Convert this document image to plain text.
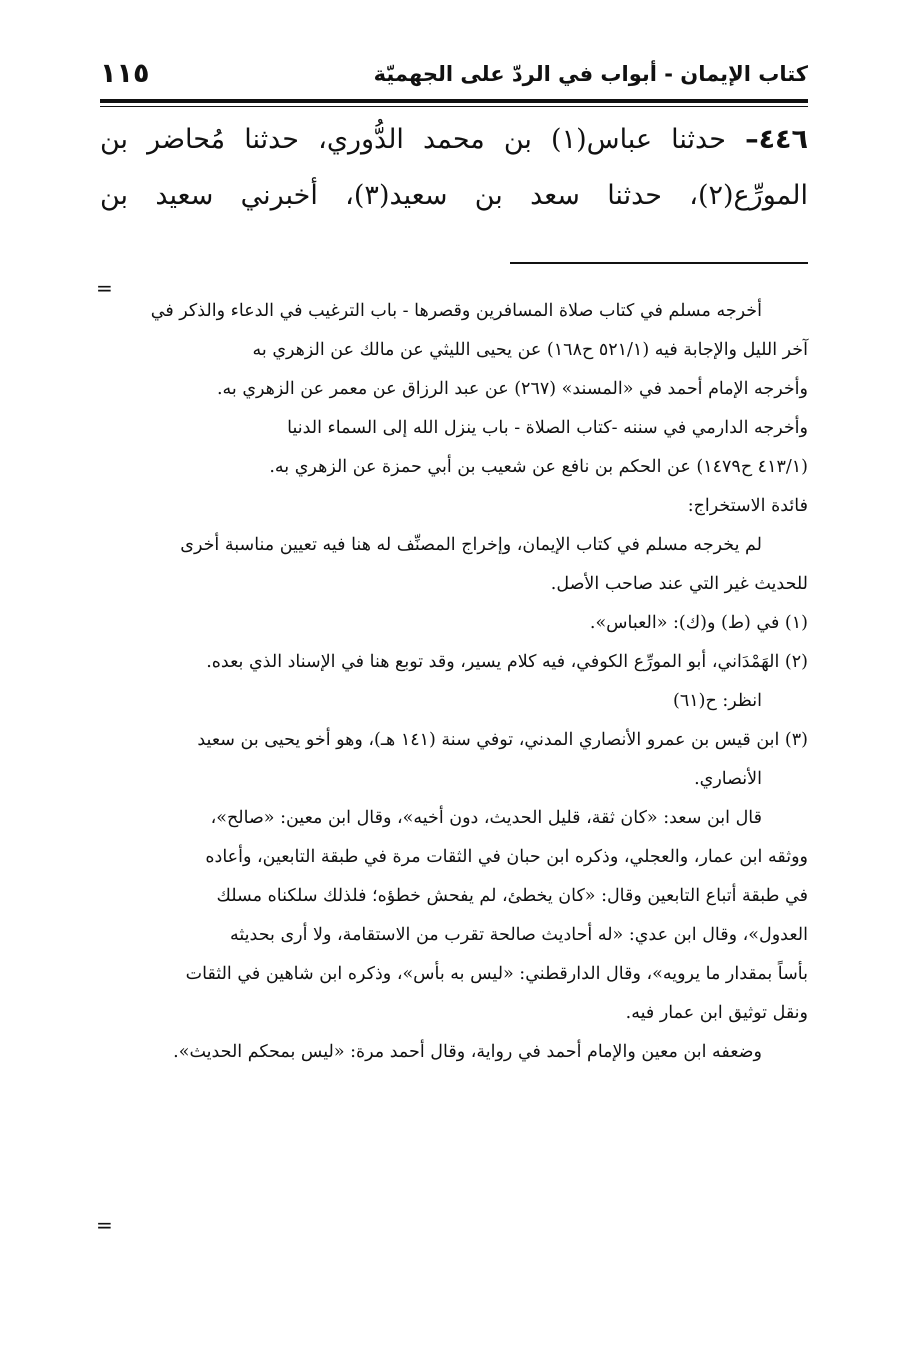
كتاب الإيمان - أبواب في الردّ على الجهميّة
١١٥

٤٤٦– حدثنا عباس(١) بن محمد الدُّوري، حدثنا مُحاضر بن

المورِّع(٢)، حدثنا سعد بن سعيد(٣)، أخبرني سعيد بن

=

أخرجه مسلم في كتاب صلاة المسافرين وقصرها - باب الترغيب في الدعاء والذكر في

آخر الليل والإجابة فيه (٥٢١/١ ح١٦٨) عن يحيى الليثي عن مالك عن الزهري به

وأخرجه الإمام أحمد في «المسند» (٢٦٧) عن عبد الرزاق عن معمر عن الزهري به.

وأخرجه الدارمي في سننه -كتاب الصلاة - باب ينزل الله إلى السماء الدنيا

(٤١٣/١ ح١٤٧٩) عن الحكم بن نافع عن شعيب بن أبي حمزة عن الزهري به.

فائدة الاستخراج:

لم يخرجه مسلم في كتاب الإيمان، وإخراج المصنِّف له هنا فيه تعيين مناسبة أخرى

للحديث غير التي عند صاحب الأصل.

(١) في (ط) و(ك): «العباس».

(٢) الهَمْدَاني، أبو المورِّع الكوفي، فيه كلام يسير، وقد توبع هنا في الإسناد الذي بعده.

انظر: ح(٦١)

(٣) ابن قيس بن عمرو الأنصاري المدني، توفي سنة (١٤١ هـ)، وهو أخو يحيى بن سعيد

الأنصاري.

قال ابن سعد: «كان ثقة، قليل الحديث، دون أخيه»، وقال ابن معين: «صالح»،

ووثقه ابن عمار، والعجلي، وذكره ابن حبان في الثقات مرة في طبقة التابعين، وأعاده

في طبقة أتباع التابعين وقال: «كان يخطئ، لم يفحش خطؤه؛ فلذلك سلكناه مسلك

العدول»، وقال ابن عدي: «له أحاديث صالحة تقرب من الاستقامة، ولا أرى بحديثه

بأساً بمقدار ما يرويه»، وقال الدارقطني: «ليس به بأس»، وذكره ابن شاهين في الثقات

ونقل توثيق ابن عمار فيه.

وضعفه ابن معين والإمام أحمد في رواية، وقال أحمد مرة: «ليس بمحكم الحديث».

=
